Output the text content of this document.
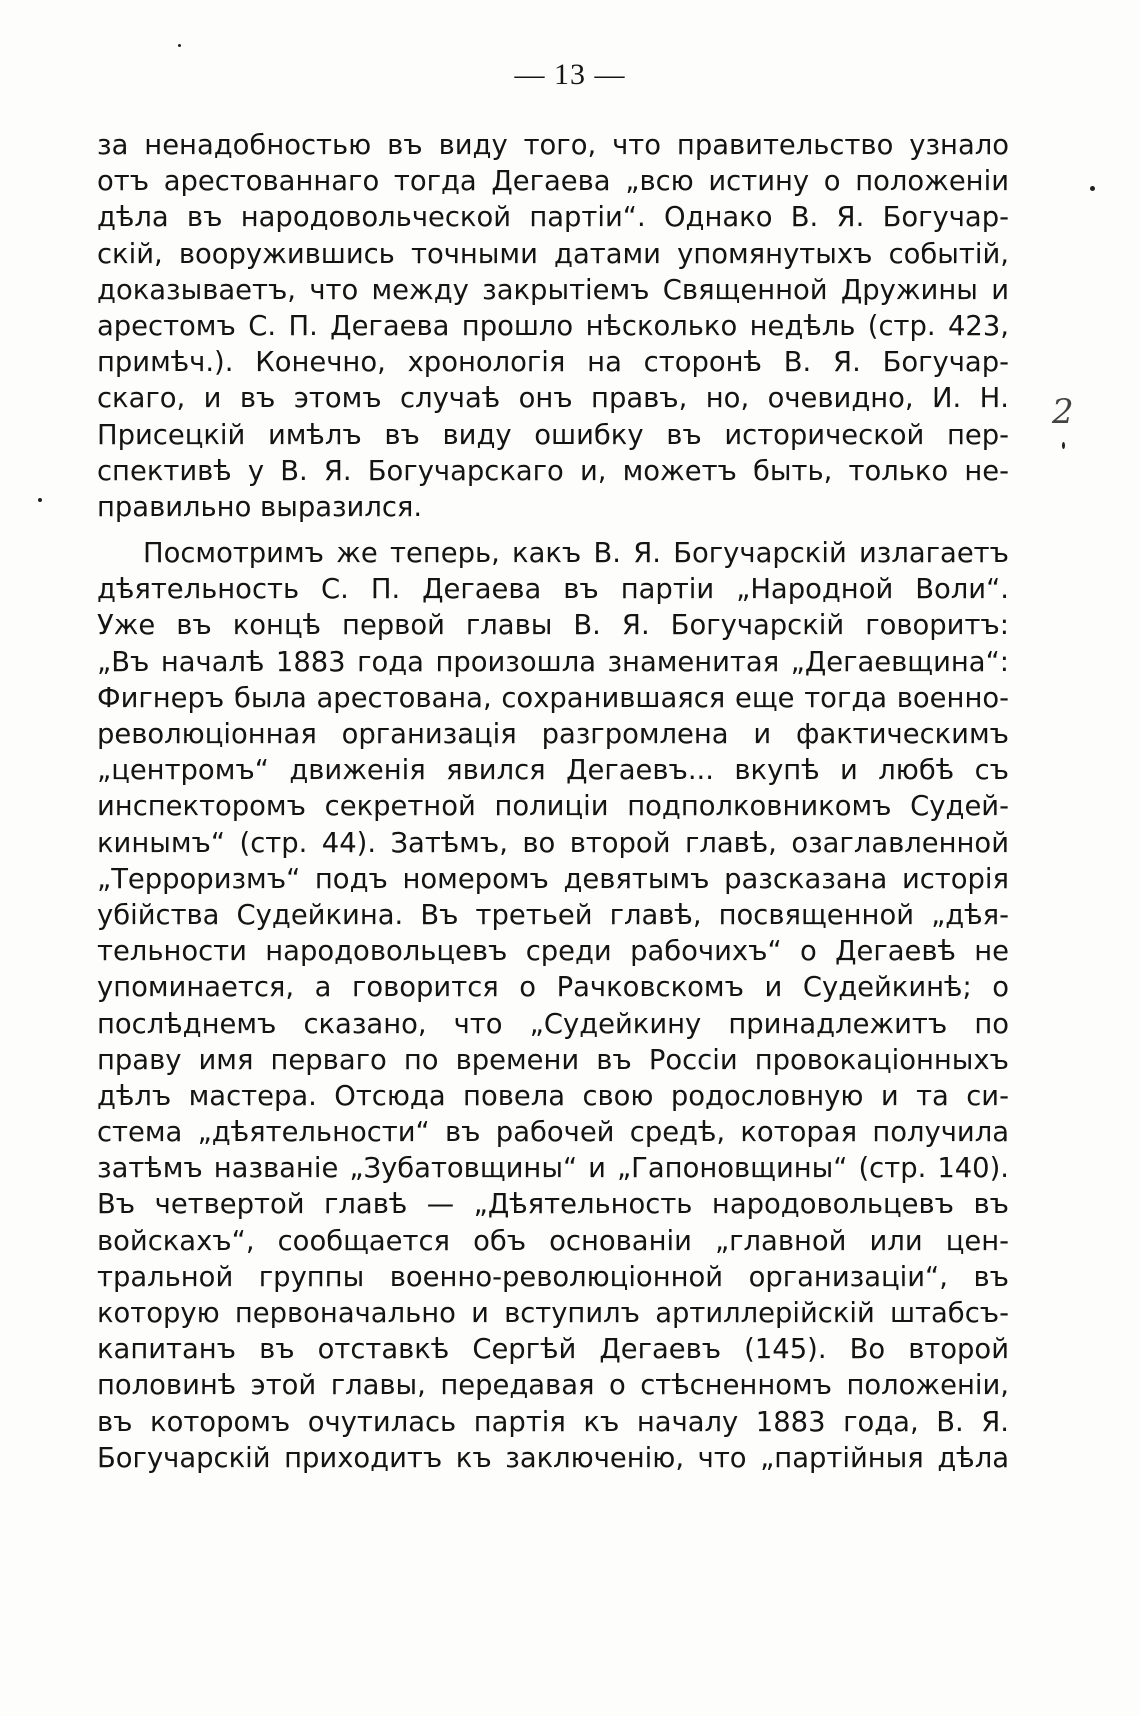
— 13 —
за ненадобностью въ виду того, что правительство узнало
отъ арестованнаго тогда Дегаева „всю истину о положенiи
дѣла въ народовольческой партiи“. Однако В. Я. Богучар-
скiй, вооружившись точными датами упомянутыхъ событiй,
доказываетъ, что между закрытiемъ Священной Дружины и
арестомъ С. П. Дегаева прошло нѣсколько недѣль (стр. 423,
примѣч.). Конечно, хронологiя на сторонѣ В. Я. Богучар-
скаго, и въ этомъ случаѣ онъ правъ, но, очевидно, И. Н.
Присецкiй имѣлъ въ виду ошибку въ исторической пер-
спективѣ у В. Я. Богучарскаго и, можетъ быть, только не-
правильно выразился.
Посмотримъ же теперь, какъ В. Я. Богучарскiй излагаетъ
дѣятельность С. П. Дегаева въ партiи „Народной Воли“.
Уже въ концѣ первой главы В. Я. Богучарскiй говоритъ:
„Въ началѣ 1883 года произошла знаменитая „Дегаевщина“:
Фигнеръ была арестована, сохранившаяся еще тогда военно-
революцiонная организацiя разгромлена и фактическимъ
„центромъ“ движенiя явился Дегаевъ... вкупѣ и любѣ съ
инспекторомъ секретной полицiи подполковникомъ Судей-
кинымъ“ (стр. 44). Затѣмъ, во второй главѣ, озаглавленной
„Терроризмъ“ подъ номеромъ девятымъ разсказана исторiя
убiйства Судейкина. Въ третьей главѣ, посвященной „дѣя-
тельности народовольцевъ среди рабочихъ“ о Дегаевѣ не
упоминается, а говорится о Рачковскомъ и Судейкинѣ; о
послѣднемъ сказано, что „Судейкину принадлежитъ по
праву имя перваго по времени въ Россiи провокацiонныхъ
дѣлъ мастера. Отсюда повела свою родословную и та си-
стема „дѣятельности“ въ рабочей средѣ, которая получила
затѣмъ названiе „Зубатовщины“ и „Гапоновщины“ (стр. 140).
Въ четвертой главѣ — „Дѣятельность народовольцевъ въ
войскахъ“, сообщается объ основанiи „главной или цен-
тральной группы военно-революцiонной организацiи“, въ
которую первоначально и вступилъ артиллерiйскiй штабсъ-
капитанъ въ отставкѣ Сергѣй Дегаевъ (145). Во второй
половинѣ этой главы, передавая о стѣсненномъ положенiи,
въ которомъ очутилась партiя къ началу 1883 года, В. Я.
Богучарскiй приходитъ къ заключенiю, что „партiйныя дѣла
2
